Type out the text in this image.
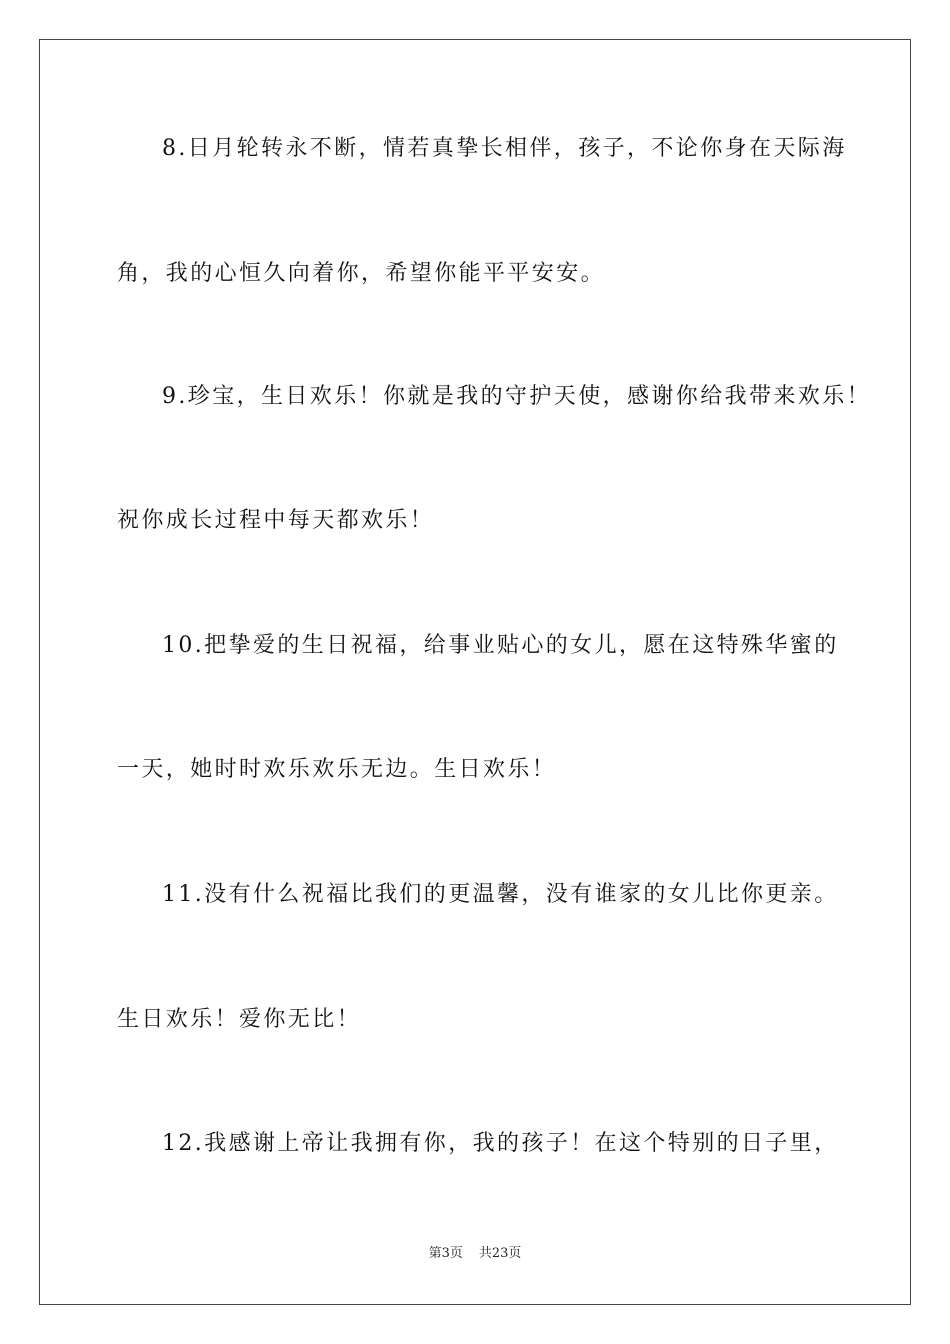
8.日月轮转永不断，情若真挚长相伴，孩子，不论你身在天际海
角，我的心恒久向着你，希望你能平平安安。
9.珍宝，生日欢乐！你就是我的守护天使，感谢你给我带来欢乐！
祝你成长过程中每天都欢乐！
10.把挚爱的生日祝福，给事业贴心的女儿，愿在这特殊华蜜的
一天，她时时欢乐欢乐无边。生日欢乐！
11.没有什么祝福比我们的更温馨，没有谁家的女儿比你更亲。
生日欢乐！爱你无比！
12.我感谢上帝让我拥有你，我的孩子！在这个特别的日子里，
第3页 共23页
